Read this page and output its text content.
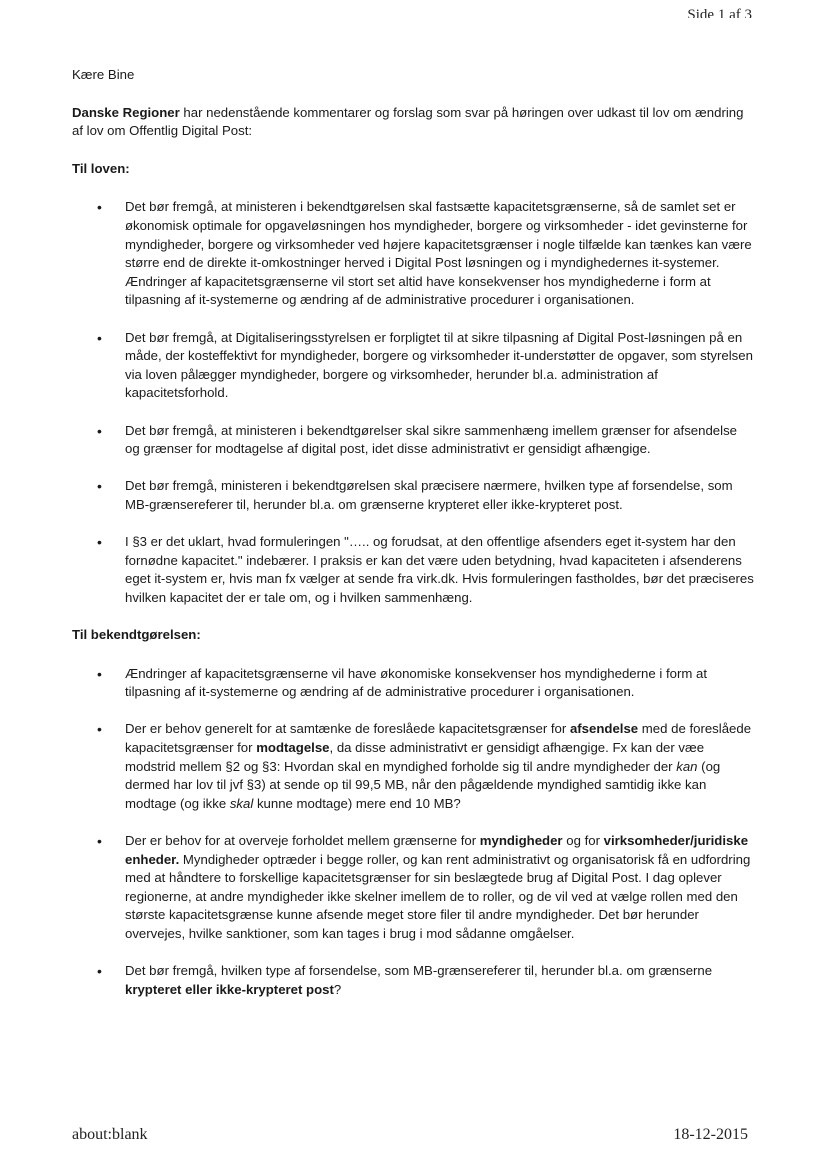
Side 1 af 3

Kære Bine

Danske Regioner har nedenstående kommentarer og forslag som svar på høringen over udkast til lov om ændring af lov om Offentlig Digital Post:

Til loven:

• Det bør fremgå, at ministeren i bekendtgørelsen skal fastsætte kapacitetsgrænserne, så de samlet set er økonomisk optimale for opgaveløsningen hos myndigheder, borgere og virksomheder - idet gevinsterne for myndigheder, borgere og virksomheder ved højere kapacitetsgrænser i nogle tilfælde kan tænkes kan være større end de direkte it-omkostninger herved i Digital Post løsningen og i myndighedernes it-systemer. Ændringer af kapacitetsgrænserne vil stort set altid have konsekvenser hos myndighederne i form at tilpasning af it-systemerne og ændring af de administrative procedurer i organisationen.
• Det bør fremgå, at Digitaliseringsstyrelsen er forpligtet til at sikre tilpasning af Digital Post-løsningen på en måde, der kosteffektivt for myndigheder, borgere og virksomheder it-understøtter de opgaver, som styrelsen via loven pålægger myndigheder, borgere og virksomheder, herunder bl.a. administration af kapacitetsforhold.
• Det bør fremgå, at ministeren i bekendtgørelser skal sikre sammenhæng imellem grænser for afsendelse og grænser for modtagelse af digital post, idet disse administrativt er gensidigt afhængige.
• Det bør fremgå, ministeren i bekendtgørelsen skal præcisere nærmere, hvilken type af forsendelse, som MB-grænsereferer til, herunder bl.a. om grænserne krypteret eller ikke-krypteret post.
• I §3 er det uklart, hvad formuleringen "….. og forudsat, at den offentlige afsenders eget it-system har den fornødne kapacitet." indebærer. I praksis er kan det være uden betydning, hvad kapaciteten i afsenderens eget it-system er, hvis man fx vælger at sende fra virk.dk. Hvis formuleringen fastholdes, bør det præciseres hvilken kapacitet der er tale om, og i hvilken sammenhæng.

Til bekendtgørelsen:

• Ændringer af kapacitetsgrænserne vil have økonomiske konsekvenser hos myndighederne i form at tilpasning af it-systemerne og ændring af de administrative procedurer i organisationen.
• Der er behov generelt for at samtænke de foreslåede kapacitetsgrænser for afsendelse med de foreslåede kapacitetsgrænser for modtagelse, da disse administrativt er gensidigt afhængige. Fx kan der væe modstrid mellem §2 og §3: Hvordan skal en myndighed forholde sig til andre myndigheder der kan (og dermed har lov til jvf §3) at sende op til 99,5 MB, når den pågældende myndighed samtidig ikke kan modtage (og ikke skal kunne modtage) mere end 10 MB?
• Der er behov for at overveje forholdet mellem grænserne for myndigheder og for virksomheder/juridiske enheder. Myndigheder optræder i begge roller, og kan rent administrativt og organisatorisk få en udfordring med at håndtere to forskellige kapacitetsgrænser for sin beslægtede brug af Digital Post. I dag oplever regionerne, at andre myndigheder ikke skelner imellem de to roller, og de vil ved at vælge rollen med den største kapacitetsgrænse kunne afsende meget store filer til andre myndigheder. Det bør herunder overvejes, hvilke sanktioner, som kan tages i brug i mod sådanne omgåelser.
• Det bør fremgå, hvilken type af forsendelse, som MB-grænsereferer til, herunder bl.a. om grænserne krypteret eller ikke-krypteret post?
about:blank	18-12-2015
